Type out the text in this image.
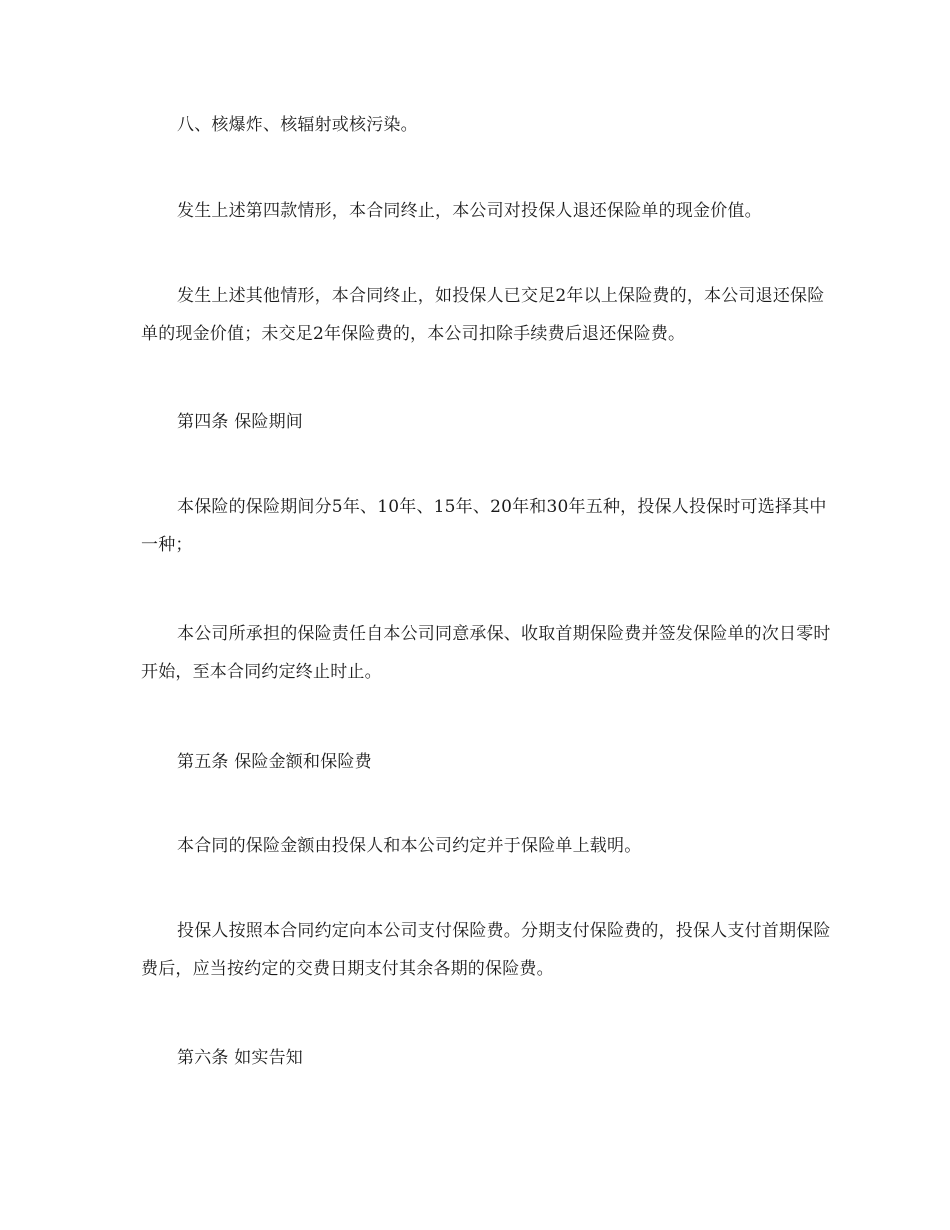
八、核爆炸、核辐射或核污染。

发生上述第四款情形，本合同终止，本公司对投保人退还保险单的现金价值。

发生上述其他情形，本合同终止，如投保人已交足2年以上保险费的，本公司退还保险单的现金价值；未交足2年保险费的，本公司扣除手续费后退还保险费。

第四条 保险期间

本保险的保险期间分5年、10年、15年、20年和30年五种，投保人投保时可选择其中一种；

本公司所承担的保险责任自本公司同意承保、收取首期保险费并签发保险单的次日零时开始，至本合同约定终止时止。

第五条 保险金额和保险费

本合同的保险金额由投保人和本公司约定并于保险单上载明。

投保人按照本合同约定向本公司支付保险费。分期支付保险费的，投保人支付首期保险费后，应当按约定的交费日期支付其余各期的保险费。

第六条 如实告知
